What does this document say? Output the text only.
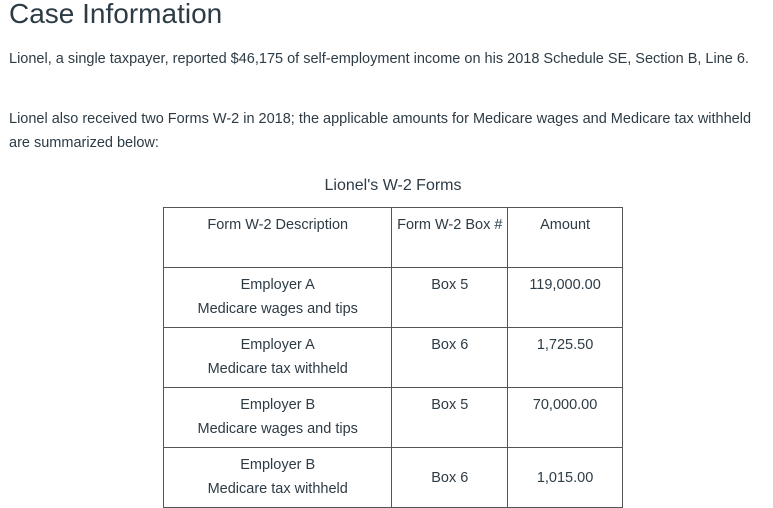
Case Information

Lionel, a single taxpayer, reported $46,175 of self-employment income on his 2018 Schedule SE, Section B, Line 6.

Lionel also received two Forms W-2 in 2018; the applicable amounts for Medicare wages and Medicare tax withheld are summarized below:

Lionel's W-2 Forms
Form W-2 Description	Form W-2 Box #	Amount

Employer A
Medicare wages and tips	Box 5	119,000.00

Employer A
Medicare tax withheld	Box 6	1,725.50

Employer B
Medicare wages and tips	Box 5	70,000.00

Employer B
Medicare tax withheld	Box 6	1,015.00
